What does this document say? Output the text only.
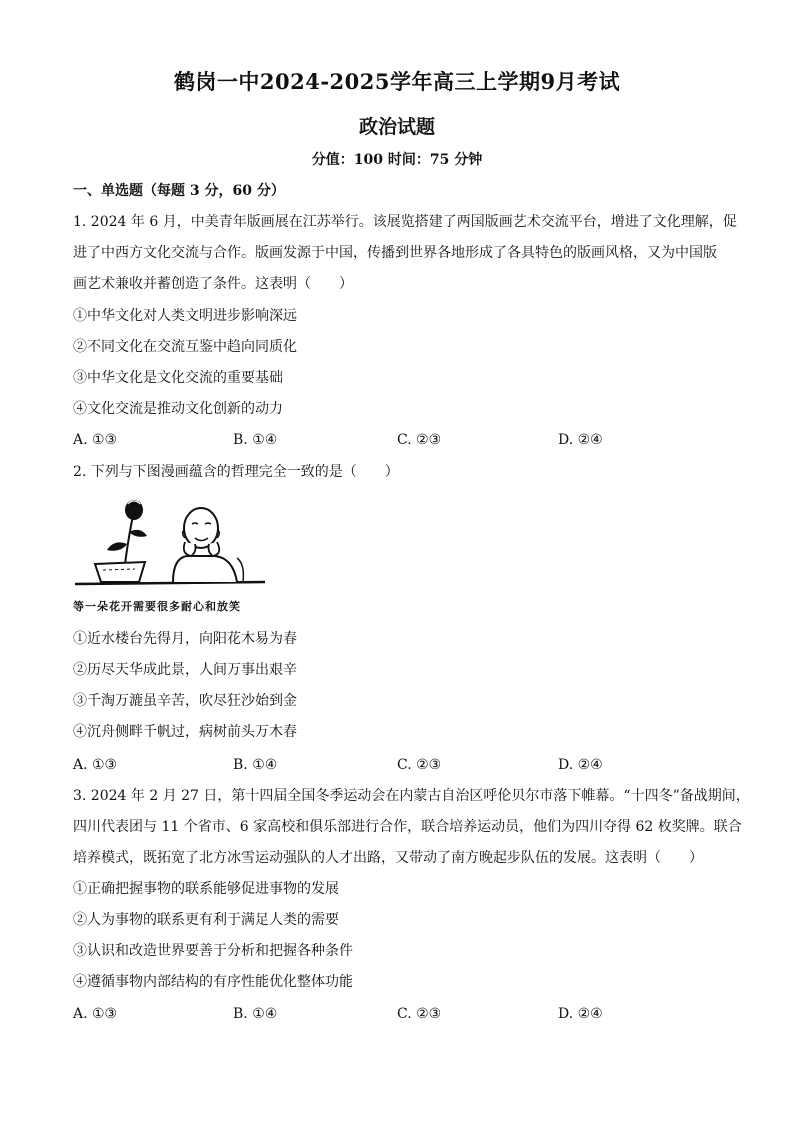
鹤岗一中2024-2025学年高三上学期9月考试
政治试题
分值：100 时间：75 分钟
一、单选题（每题 3 分，60 分）
1. 2024 年 6 月，中美青年版画展在江苏举行。该展览搭建了两国版画艺术交流平台，增进了文化理解，促
进了中西方文化交流与合作。版画发源于中国，传播到世界各地形成了各具特色的版画风格，又为中国版
画艺术兼收并蓄创造了条件。这表明（　　）
①中华文化对人类文明进步影响深远
②不同文化在交流互鉴中趋向同质化
③中华文化是文化交流的重要基础
④文化交流是推动文化创新的动力
A. ①③	B. ①④	C. ②③	D. ②④
2. 下列与下图漫画蕴含的哲理完全一致的是（　　）
等一朵花开需要很多耐心和放笑
①近水楼台先得月，向阳花木易为春
②历尽天华成此景，人间万事出艰辛
③千淘万漉虽辛苦，吹尽狂沙始到金
④沉舟侧畔千帆过，病树前头万木春
A. ①③	B. ①④	C. ②③	D. ②④
3. 2024 年 2 月 27 日，第十四届全国冬季运动会在内蒙古自治区呼伦贝尔市落下帷幕。“十四冬”备战期间，
四川代表团与 11 个省市、6 家高校和俱乐部进行合作，联合培养运动员，他们为四川夺得 62 枚奖牌。联合
培养模式，既拓宽了北方冰雪运动强队的人才出路，又带动了南方晚起步队伍的发展。这表明（　　）
①正确把握事物的联系能够促进事物的发展
②人为事物的联系更有利于满足人类的需要
③认识和改造世界要善于分析和把握各种条件
④遵循事物内部结构的有序性能优化整体功能
A. ①③	B. ①④	C. ②③	D. ②④
